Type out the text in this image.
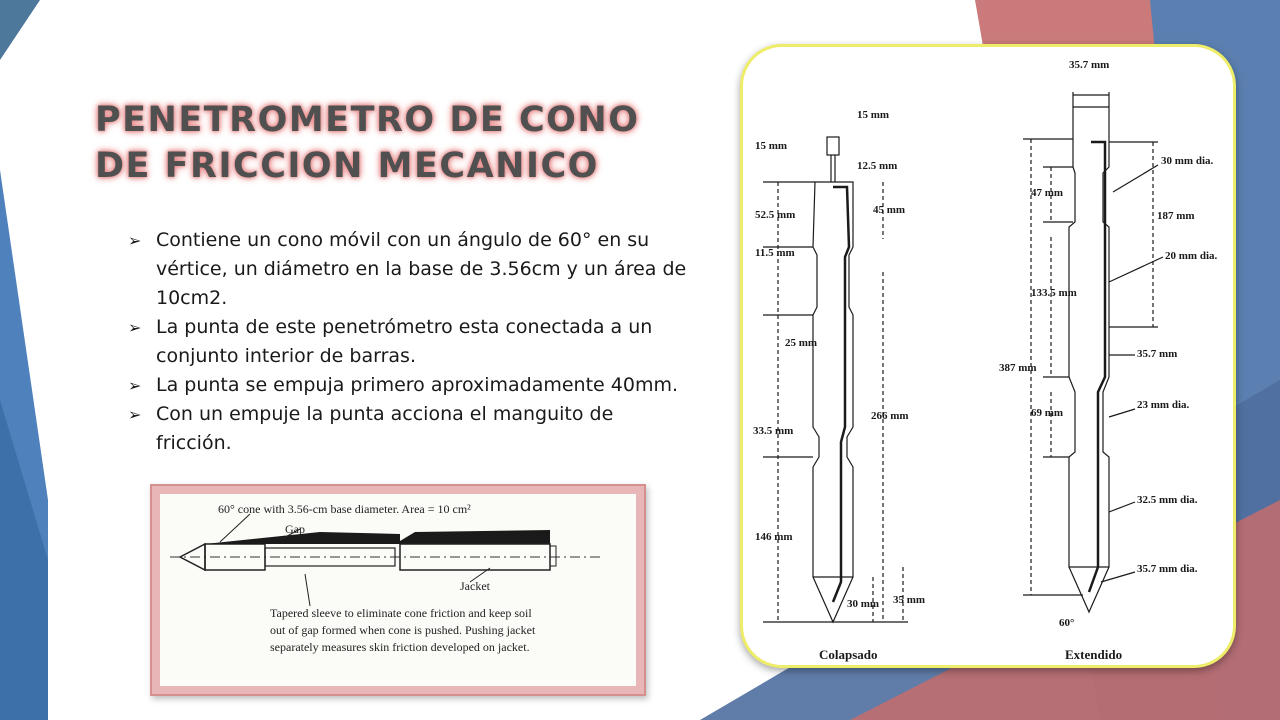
PENETROMETRO DE CONO
DE FRICCION MECANICO
➢ Contiene un cono móvil con un ángulo de 60° en su vértice, un diámetro en la base de 3.56cm y un área de 10cm2.
➢ La punta de este penetrómetro esta conectada a un conjunto interior de barras.
➢ La punta se empuja primero aproximadamente 40mm.
➢ Con un empuje la punta acciona el manguito de fricción.
60° cone with 3.56-cm base diameter. Area = 10 cm²
Gap
Jacket
Tapered sleeve to eliminate cone friction and keep soil
out of gap formed when cone is pushed. Pushing jacket
separately measures skin friction developed on jacket.	Colapsado	Extendido
15 mm
15 mm
12.5 mm
52.5 mm	45 mm
11.5 mm
25 mm
266 mm
33.5 mm
146 mm
30 mm 35 mm
35.7 mm
30 mm dia.
47 mm
187 mm
20 mm dia.
133.5 mm
387 mm
35.7 mm
69 mm
23 mm dia.
32.5 mm dia.
35.7 mm dia.
60°
